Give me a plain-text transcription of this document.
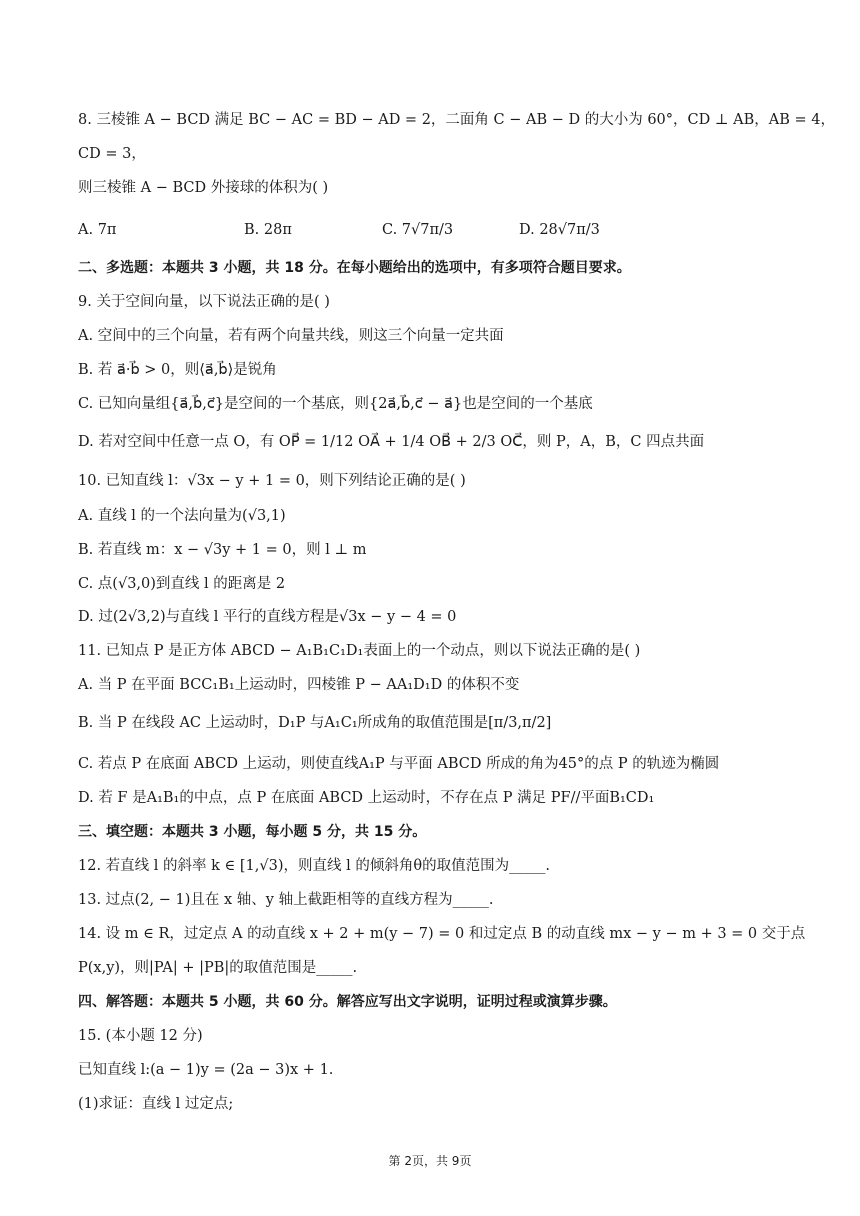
8. 三棱锥 A − BCD 满足 BC − AC = BD − AD = 2，二面角 C − AB − D 的大小为 60°，CD ⊥ AB，AB = 4，
CD = 3，
则三棱锥 A − BCD 外接球的体积为( )
A. 7π	B. 28π	C. 7√7π/3	D. 28√7π/3
二、多选题：本题共 3 小题，共 18 分。在每小题给出的选项中，有多项符合题目要求。
9. 关于空间向量，以下说法正确的是( )
A. 空间中的三个向量，若有两个向量共线，则这三个向量一定共面
B. 若 a⃗·b⃗ > 0，则⟨a⃗,b⃗⟩是锐角
C. 已知向量组{a⃗,b⃗,c⃗}是空间的一个基底，则{2a⃗,b⃗,c⃗ − a⃗}也是空间的一个基底
D. 若对空间中任意一点 O，有 OP⃗ = 1/12 OA⃗ + 1/4 OB⃗ + 2/3 OC⃗，则 P，A，B，C 四点共面
10. 已知直线 l：√3x − y + 1 = 0，则下列结论正确的是( )
A. 直线 l 的一个法向量为(√3,1)
B. 若直线 m：x − √3y + 1 = 0，则 l ⊥ m
C. 点(√3,0)到直线 l 的距离是 2
D. 过(2√3,2)与直线 l 平行的直线方程是√3x − y − 4 = 0
11. 已知点 P 是正方体 ABCD − A₁B₁C₁D₁表面上的一个动点，则以下说法正确的是( )
A. 当 P 在平面 BCC₁B₁上运动时，四棱锥 P − AA₁D₁D 的体积不变
B. 当 P 在线段 AC 上运动时，D₁P 与A₁C₁所成角的取值范围是[π/3,π/2]
C. 若点 P 在底面 ABCD 上运动，则使直线A₁P 与平面 ABCD 所成的角为45°的点 P 的轨迹为椭圆
D. 若 F 是A₁B₁的中点，点 P 在底面 ABCD 上运动时，不存在点 P 满足 PF//平面B₁CD₁
三、填空题：本题共 3 小题，每小题 5 分，共 15 分。
12. 若直线 l 的斜率 k ∈ [1,√3)，则直线 l 的倾斜角θ的取值范围为_____.
13. 过点(2, − 1)且在 x 轴、y 轴上截距相等的直线方程为_____.
14. 设 m ∈ R，过定点 A 的动直线 x + 2 + m(y − 7) = 0 和过定点 B 的动直线 mx − y − m + 3 = 0 交于点
P(x,y)，则|PA| + |PB|的取值范围是_____.
四、解答题：本题共 5 小题，共 60 分。解答应写出文字说明，证明过程或演算步骤。
15. (本小题 12 分)
已知直线 l:(a − 1)y = (2a − 3)x + 1.
(1)求证：直线 l 过定点;
第 2页，共 9页
